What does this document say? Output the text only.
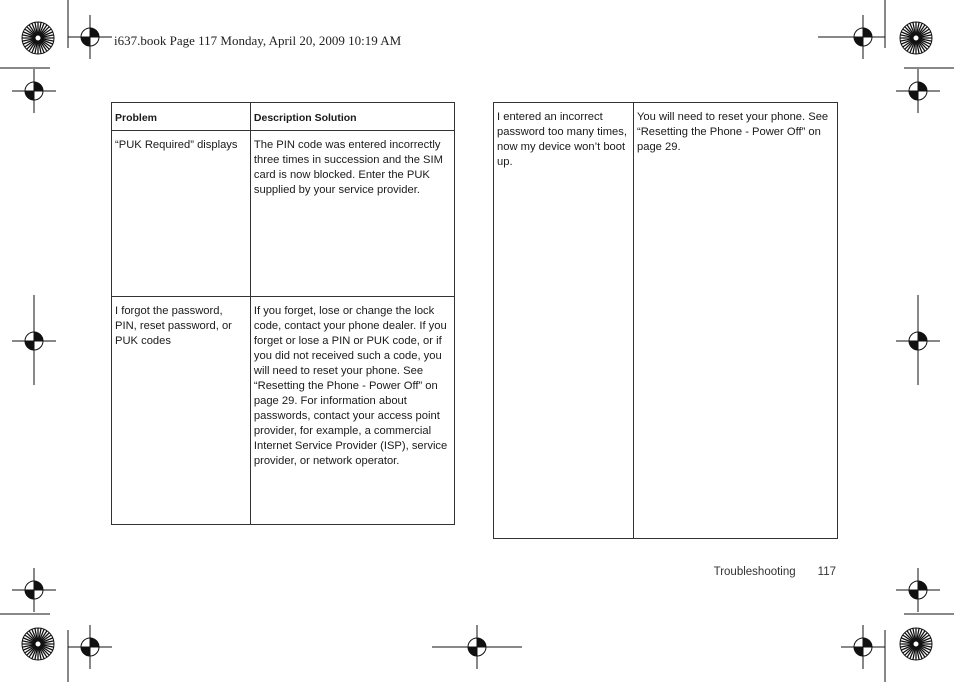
i637.book Page 117 Monday, April 20, 2009 10:19 AM
Problem	Description Solution
“PUK Required” displays	The PIN code was entered incorrectly three times in succession and the SIM card is now blocked. Enter the PUK supplied by your service provider.
I forgot the password, PIN, reset password, or PUK codes	If you forget, lose or change the lock code, contact your phone dealer. If you forget or lose a PIN or PUK code, or if you did not received such a code, you will need to reset your phone. See “Resetting the Phone - Power Off” on page 29. For information about passwords, contact your access point provider, for example, a commercial Internet Service Provider (ISP), service provider, or network operator.
I entered an incorrect password too many times, now my device won’t boot up.	You will need to reset your phone. See “Resetting the Phone - Power Off” on page 29.
Troubleshooting 117
